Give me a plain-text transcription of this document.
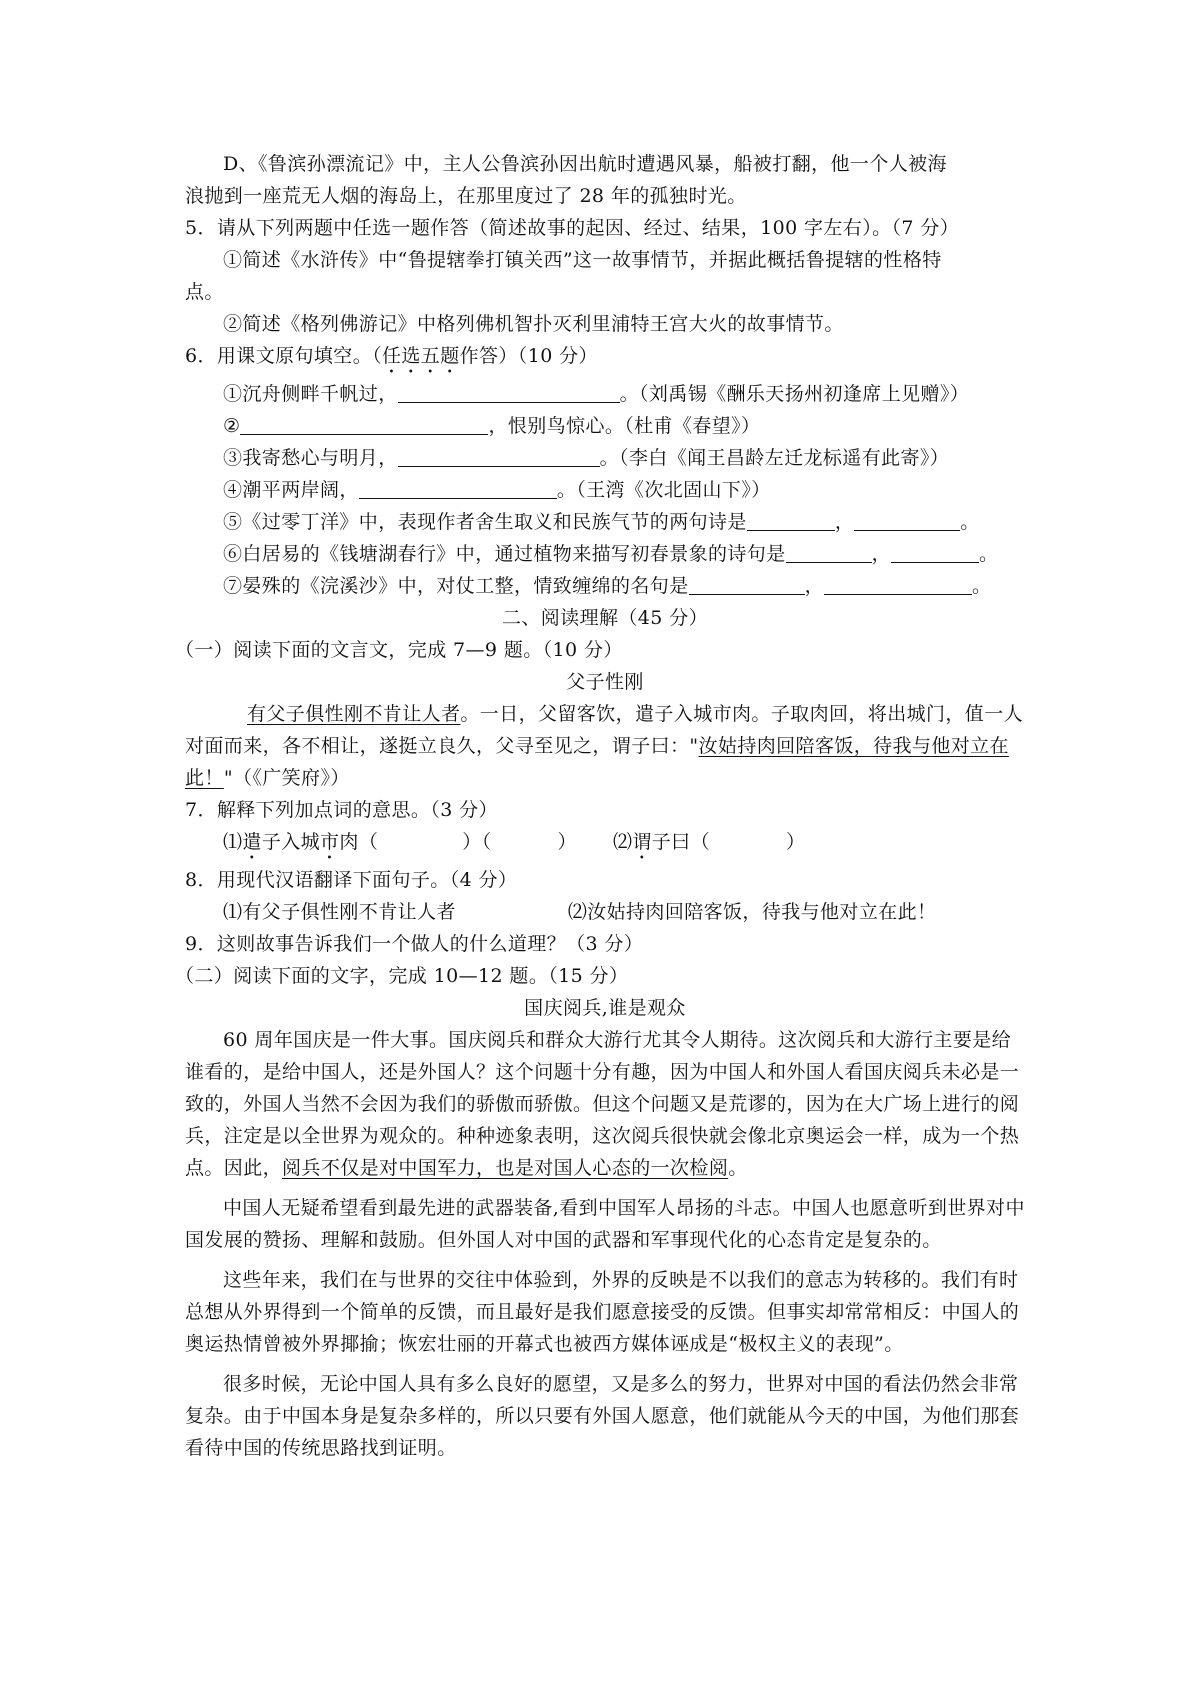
D、《鲁滨孙漂流记》中，主人公鲁滨孙因出航时遭遇风暴，船被打翻，他一个人被海
浪抛到一座荒无人烟的海岛上，在那里度过了 28 年的孤独时光。
5．请从下列两题中任选一题作答（简述故事的起因、经过、结果，100 字左右）。（7 分）
①简述《水浒传》中“鲁提辖拳打镇关西”这一故事情节，并据此概括鲁提辖的性格特
点。
②简述《格列佛游记》中格列佛机智扑灭利里浦特王宫大火的故事情节。
6．用课文原句填空。（任选五题作答）（10 分）
①沉舟侧畔千帆过，	。（刘禹锡《酬乐天扬州初逢席上见赠》）
②	，恨别鸟惊心。（杜甫《春望》）
③我寄愁心与明月，	。（李白《闻王昌龄左迁龙标遥有此寄》）
④潮平两岸阔，	。（王湾《次北固山下》）
⑤《过零丁洋》中，表现作者舍生取义和民族气节的两句诗是	，	。
⑥白居易的《钱塘湖春行》中，通过植物来描写初春景象的诗句是	，	。
⑦晏殊的《浣溪沙》中，对仗工整，情致缠绵的名句是	，	。
二、阅读理解（45 分）
（一）阅读下面的文言文，完成 7—9 题。（10 分）
父子性刚
有父子俱性刚不肯让人者。一日，父留客饮，遣子入城市肉。子取肉回，将出城门，值一人对面而来，各不相让，遂挺立良久，父寻至见之，谓子曰："汝姑持肉回陪客饭，待我与他对立在此！"（《广笑府》）
7．解释下列加点词的意思。（3 分）
⑴遣子入城市肉（	）（	） ⑵谓子曰（	）
8．用现代汉语翻译下面句子。（4 分）
⑴有父子俱性刚不肯让人者	⑵汝姑持肉回陪客饭，待我与他对立在此！
9．这则故事告诉我们一个做人的什么道理？（3 分）
（二）阅读下面的文字，完成 10—12 题。（15 分）
国庆阅兵,谁是观众
60 周年国庆是一件大事。国庆阅兵和群众大游行尤其令人期待。这次阅兵和大游行主要是给谁看的，是给中国人，还是外国人？这个问题十分有趣，因为中国人和外国人看国庆阅兵未必是一致的，外国人当然不会因为我们的骄傲而骄傲。但这个问题又是荒谬的，因为在大广场上进行的阅兵，注定是以全世界为观众的。种种迹象表明，这次阅兵很快就会像北京奥运会一样，成为一个热点。因此，阅兵不仅是对中国军力，也是对国人心态的一次检阅。
中国人无疑希望看到最先进的武器装备,看到中国军人昂扬的斗志。中国人也愿意听到世界对中国发展的赞扬、理解和鼓励。但外国人对中国的武器和军事现代化的心态肯定是复杂的。
这些年来，我们在与世界的交往中体验到，外界的反映是不以我们的意志为转移的。我们有时总想从外界得到一个简单的反馈，而且最好是我们愿意接受的反馈。但事实却常常相反：中国人的奥运热情曾被外界揶揄；恢宏壮丽的开幕式也被西方媒体诬成是“极权主义的表现”。
很多时候，无论中国人具有多么良好的愿望，又是多么的努力，世界对中国的看法仍然会非常复杂。由于中国本身是复杂多样的，所以只要有外国人愿意，他们就能从今天的中国，为他们那套看待中国的传统思路找到证明。
